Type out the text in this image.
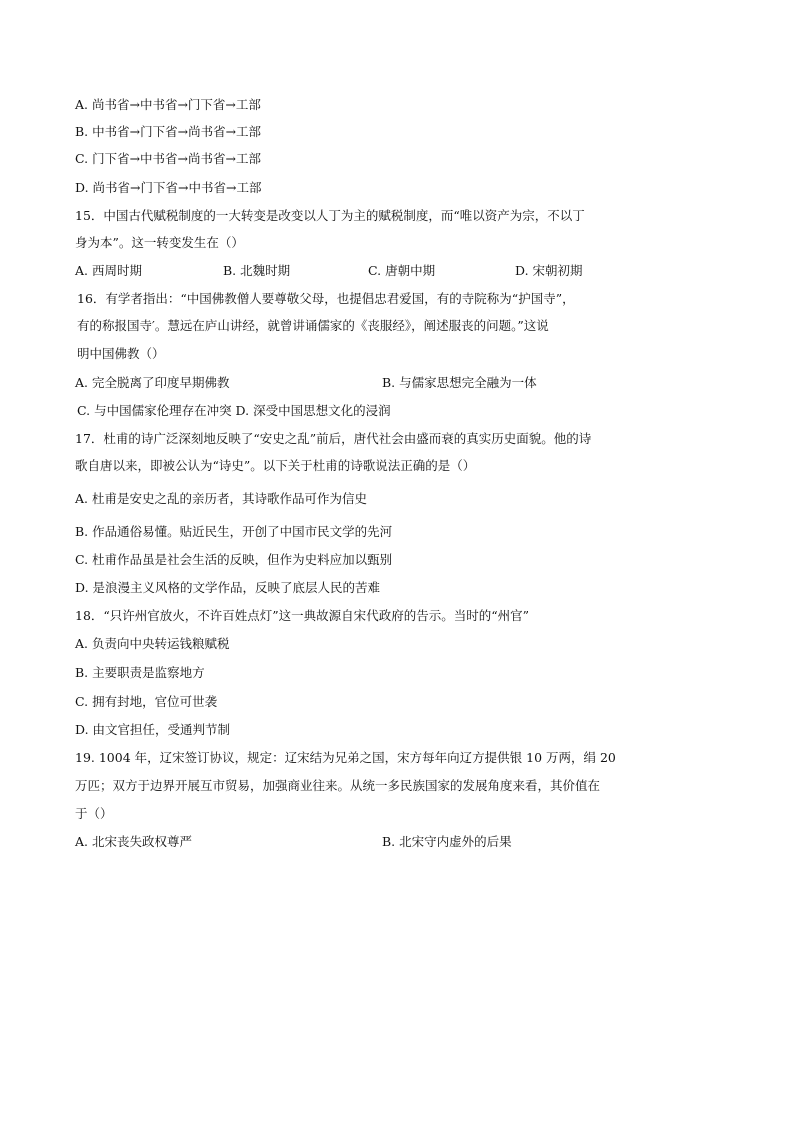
A. 尚书省→中书省→门下省→工部
B. 中书省→门下省→尚书省→工部
C. 门下省→中书省→尚书省→工部
D. 尚书省→门下省→中书省→工部
15．中国古代赋税制度的一大转变是改变以人丁为主的赋税制度，而“唯以资产为宗，不以丁
身为本”。这一转变发生在（）
A. 西周时期	B. 北魏时期	C. 唐朝中期	D. 宋朝初期
16．有学者指出：“中国佛教僧人要尊敬父母，也提倡忠君爱国，有的寺院称为“护国寺”，
有的称报国寺′。慧远在庐山讲经，就曾讲诵儒家的《丧服经》，阐述服丧的问题。”这说
明中国佛教（）
A. 完全脱离了印度早期佛教	B. 与儒家思想完全融为一体
C. 与中国儒家伦理存在冲突 D. 深受中国思想文化的浸润
17．杜甫的诗广泛深刻地反映了“安史之乱”前后，唐代社会由盛而衰的真实历史面貌。他的诗
歌自唐以来，即被公认为“诗史”。以下关于杜甫的诗歌说法正确的是（）
A. 杜甫是安史之乱的亲历者，其诗歌作品可作为信史
B. 作品通俗易懂。贴近民生，开创了中国市民文学的先河
C. 杜甫作品虽是社会生活的反映，但作为史料应加以甄别
D. 是浪漫主义风格的文学作品，反映了底层人民的苦难
18．“只许州官放火，不许百姓点灯”这一典故源自宋代政府的告示。当时的“州官”
A. 负责向中央转运钱粮赋税
B. 主要职责是监察地方
C. 拥有封地，官位可世袭
D. 由文官担任，受通判节制
19. 1004 年，辽宋签订协议，规定：辽宋结为兄弟之国，宋方每年向辽方提供银 10 万两，绢 20
万匹；双方于边界开展互市贸易，加强商业往来。从统一多民族国家的发展角度来看，其价值在
于（）
A. 北宋丧失政权尊严	B. 北宋守内虚外的后果
